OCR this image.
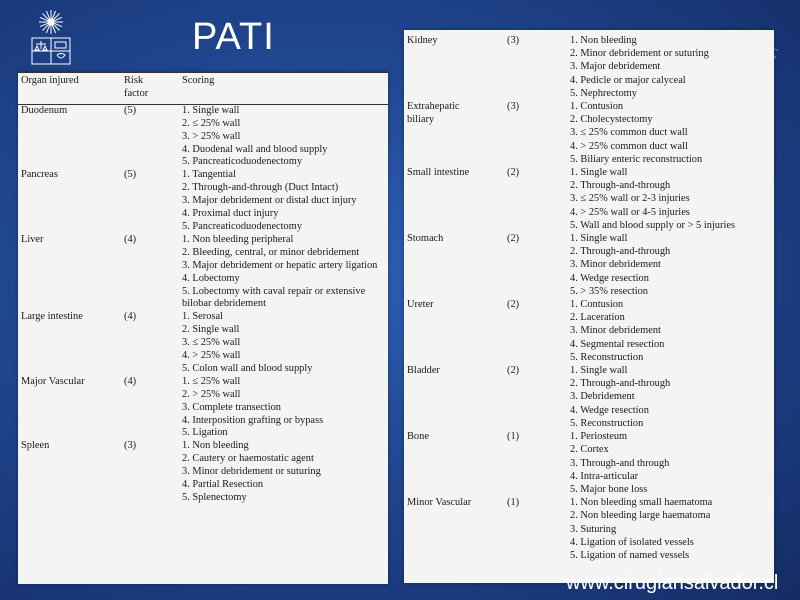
PATI
Organ injured	Risk
factor	Scoring
Duodenum	(5)	1. Single wall
2. ≤ 25% wall
3. > 25% wall
4. Duodenal wall and blood supply
5. Pancreaticoduodenectomy

Pancreas	(5)	1. Tangential
2. Through-and-through (Duct Intact)
3. Major debridement or distal duct injury
4. Proximal duct injury
5. Pancreaticoduodenectomy

Liver	(4)	1. Non bleeding peripheral
2. Bleeding, central, or minor debridement
3. Major debridement or hepatic artery ligation
4. Lobectomy
5. Lobectomy with caval repair or extensive bilobar debridement

Large intestine	(4)	1. Serosal
2. Single wall
3. ≤ 25% wall
4. > 25% wall
5. Colon wall and blood supply

Major Vascular	(4)	1. ≤ 25% wall
2. > 25% wall
3. Complete transection
4. Interposition grafting or bypass
5. Ligation

Spleen	(3)	1. Non bleeding
2. Cautery or haemostatic agent
3. Minor debridement or suturing
4. Partial Resection
5. Splenectomy
Kidney	(3)	1. Non bleeding
2. Minor debridement or suturing
3. Major debridement
4. Pedicle or major calyceal
5. Nephrectomy

Extrahepatic
biliary	(3)	1. Contusion
2. Cholecystectomy
3. ≤ 25% common duct wall
4. > 25% common duct wall
5. Biliary enteric reconstruction

Small intestine	(2)	1. Single wall
2. Through-and-through
3. ≤ 25% wall or 2-3 injuries
4. > 25% wall or 4-5 injuries
5. Wall and blood supply or > 5 injuries

Stomach	(2)	1. Single wall
2. Through-and-through
3. Minor debridement
4. Wedge resection
5. > 35% resection

Ureter	(2)	1. Contusion
2. Laceration
3. Minor debridement
4. Segmental resection
5. Reconstruction

Bladder	(2)	1. Single wall
2. Through-and-through
3. Debridement
4. Wedge resection
5. Reconstruction

Bone	(1)	1. Periosteum
2. Cortex
3. Through-and through
4. Intra-articular
5. Major bone loss

Minor Vascular	(1)	1. Non bleeding small haematoma
2. Non bleeding large haematoma
3. Suturing
4. Ligation of isolated vessels
5. Ligation of named vessels
www.cirugiansalvador.cl
